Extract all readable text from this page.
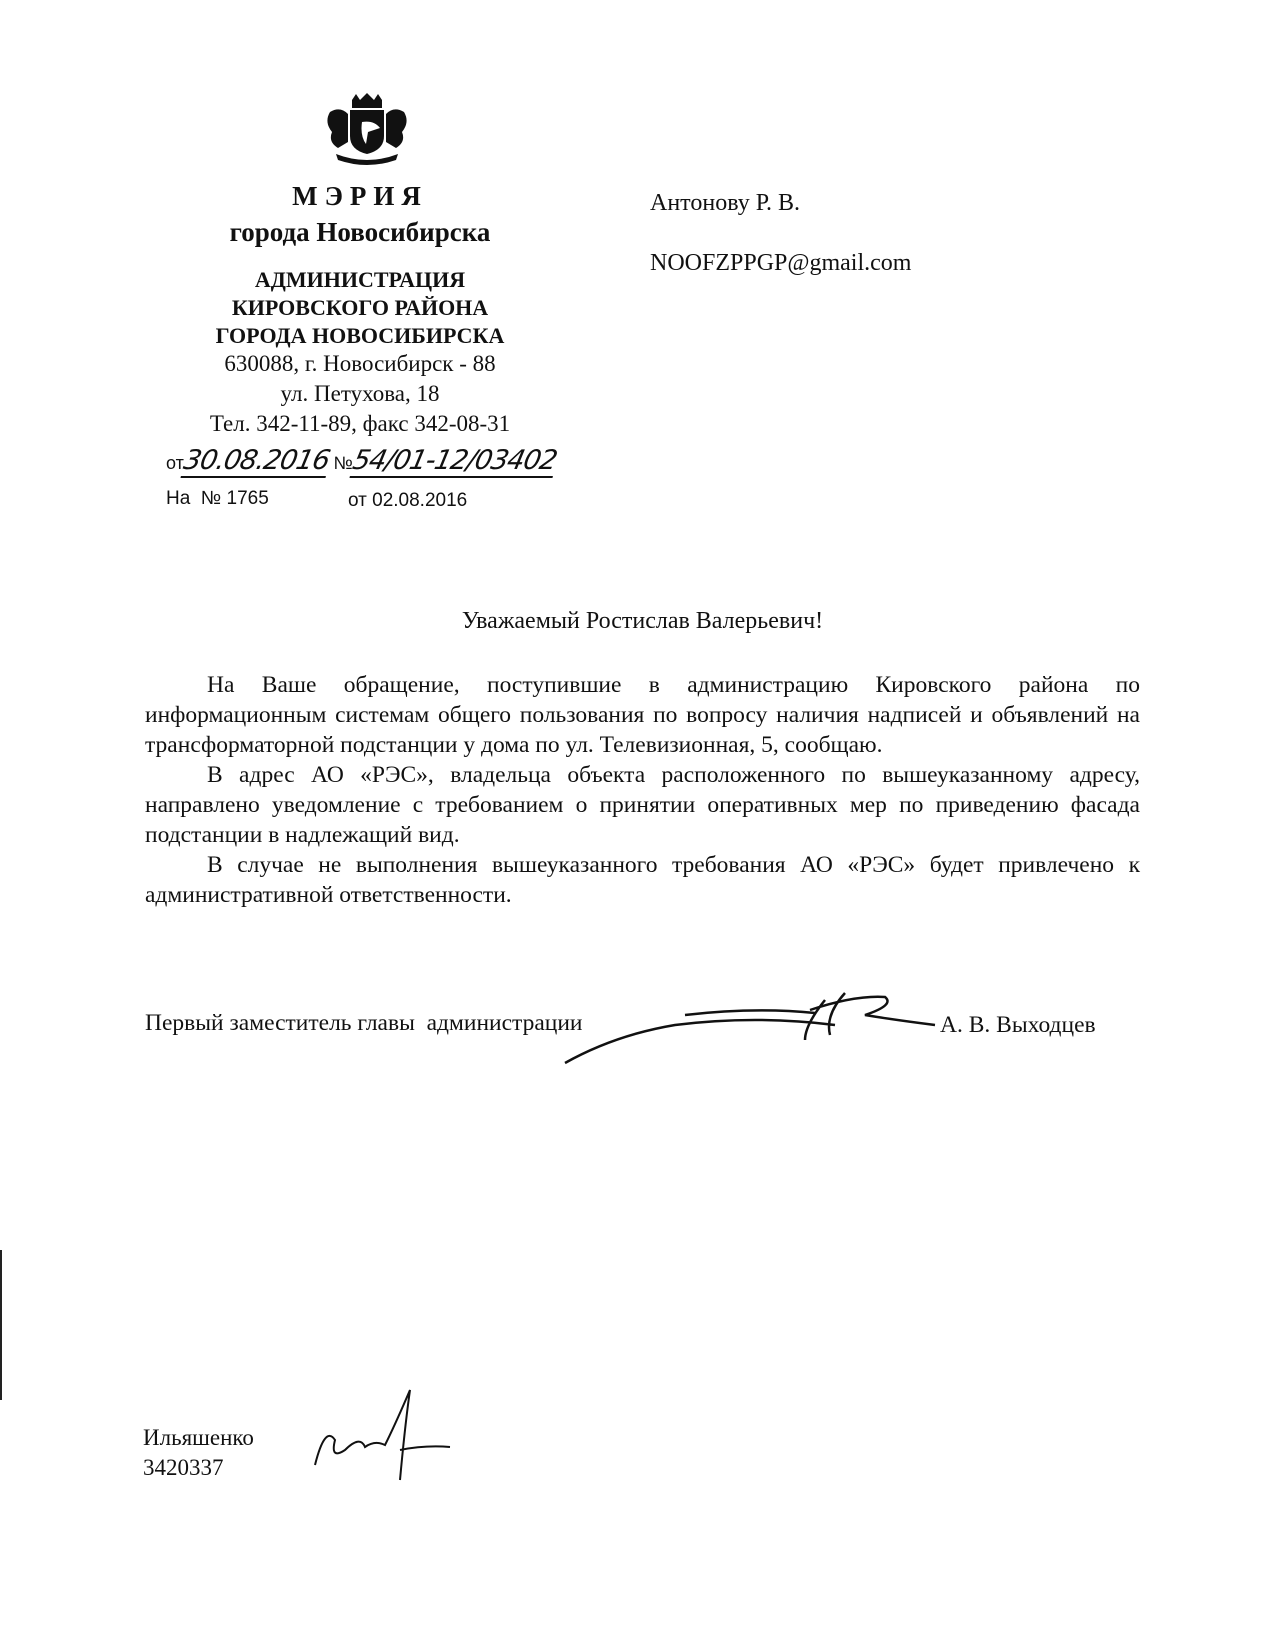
МЭРИЯ
города Новосибирска
АДМИНИСТРАЦИЯ
КИРОВСКОГО РАЙОНА
ГОРОДА НОВОСИБИРСКА
630088, г. Новосибирск - 88
ул. Петухова, 18
Тел. 342-11-89, факс 342-08-31
от30.08.2016 №54/01-12/03402
На  № 1765	от 02.08.2016
Антонову Р. В.
NOOFZPPGP@gmail.com
Уважаемый Ростислав Валерьевич!

На Ваше обращение, поступившие в администрацию Кировского района по информационным системам общего пользования по вопросу наличия надписей и объявлений на трансформаторной подстанции у дома по ул. Телевизионная, 5, сообщаю.

В адрес АО «РЭС», владельца объекта расположенного по вышеуказанному адресу, направлено уведомление с требованием о принятии оперативных мер по приведению фасада подстанции в надлежащий вид.

В случае не выполнения вышеуказанного требования АО «РЭС» будет привлечено к административной ответственности.

Первый заместитель главы  администрации	А. В. Выходцев
Ильяшенко
3420337
